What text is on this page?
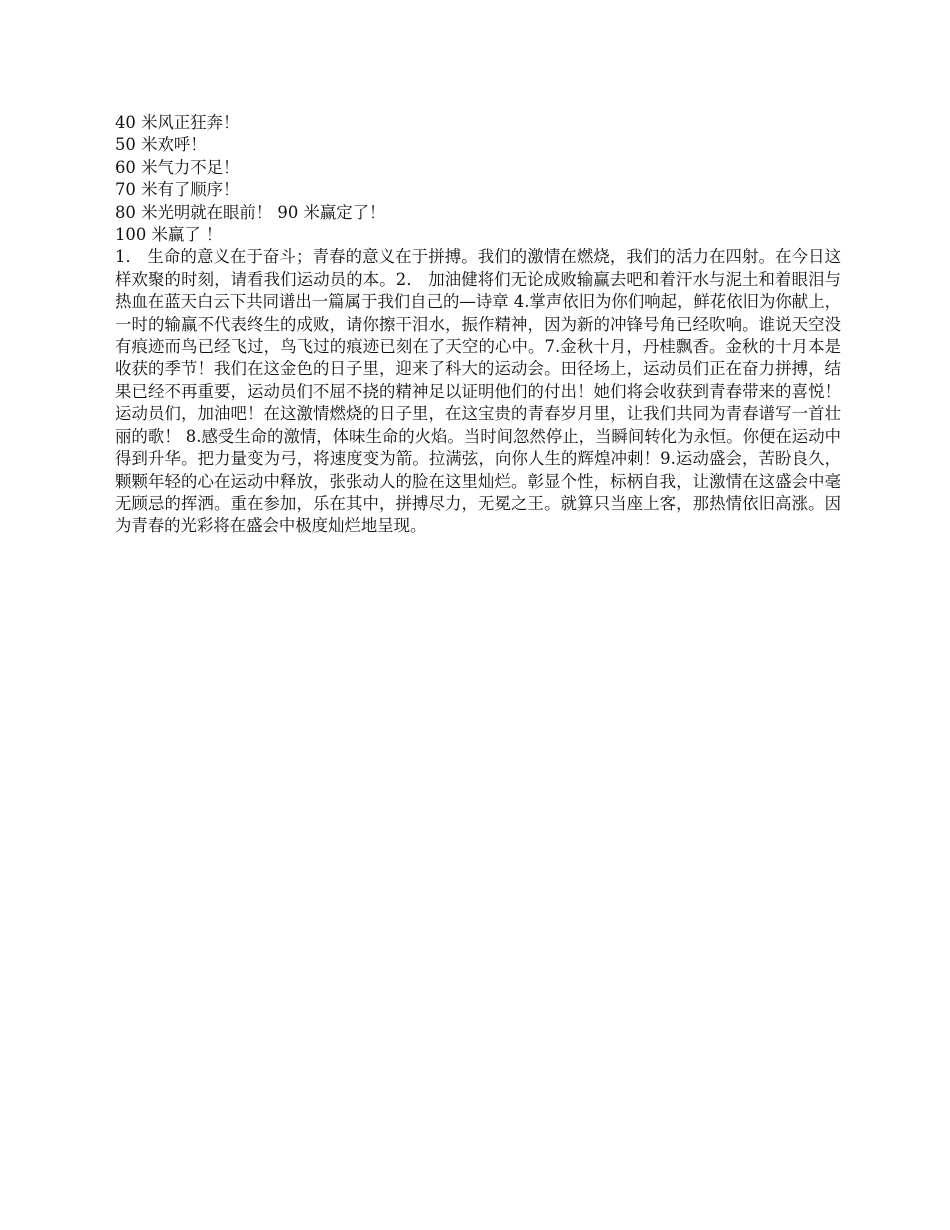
40 米风正狂奔！
50 米欢呼！
60 米气力不足！
70 米有了顺序！
80 米光明就在眼前！ 90 米赢定了！
100 米赢了 ！

1． 生命的意义在于奋斗；青春的意义在于拼搏。我们的激情在燃烧，我们的活力在四射。在今日这样欢聚的时刻，请看我们运动员的本。2． 加油健将们无论成败输赢去吧和着汗水与泥土和着眼泪与热血在蓝天白云下共同谱出一篇属于我们自己的—诗章 4.掌声依旧为你们响起，鲜花依旧为你献上，一时的输赢不代表终生的成败，请你擦干泪水，振作精神，因为新的冲锋号角已经吹响。谁说天空没有痕迹而鸟已经飞过，鸟飞过的痕迹已刻在了天空的心中。7.金秋十月，丹桂飘香。金秋的十月本是收获的季节！我们在这金色的日子里，迎来了科大的运动会。田径场上，运动员们正在奋力拼搏，结果已经不再重要，运动员们不屈不挠的精神足以证明他们的付出！她们将会收获到青春带来的喜悦！运动员们，加油吧！在这激情燃烧的日子里，在这宝贵的青春岁月里，让我们共同为青春谱写一首壮丽的歌！ 8.感受生命的激情，体味生命的火焰。当时间忽然停止，当瞬间转化为永恒。你便在运动中得到升华。把力量变为弓，将速度变为箭。拉满弦，向你人生的辉煌冲刺！9.运动盛会，苦盼良久，颗颗年轻的心在运动中释放，张张动人的脸在这里灿烂。彰显个性，标柄自我，让激情在这盛会中毫无顾忌的挥洒。重在参加，乐在其中，拼搏尽力，无冕之王。就算只当座上客，那热情依旧高涨。因为青春的光彩将在盛会中极度灿烂地呈现。
